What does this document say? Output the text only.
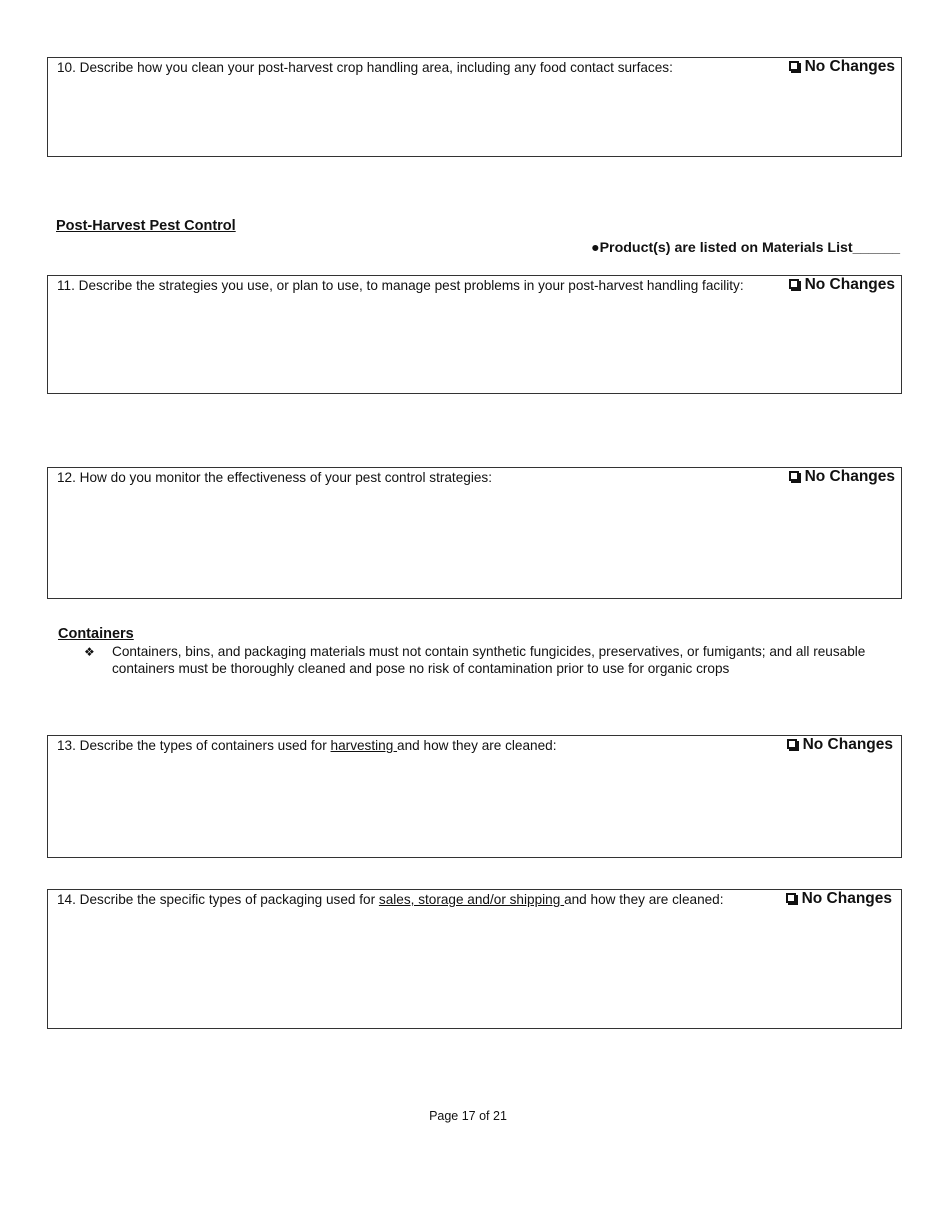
10. Describe how you clean your post-harvest crop handling area, including any food contact surfaces:	No Changes
Post-Harvest Pest Control
●Product(s) are listed on Materials List______
11. Describe the strategies you use, or plan to use, to manage pest problems in your post-harvest handling facility:	No Changes
12. How do you monitor the effectiveness of your pest control strategies:	No Changes
Containers
❖ Containers, bins, and packaging materials must not contain synthetic fungicides, preservatives, or fumigants; and all reusable containers must be thoroughly cleaned and pose no risk of contamination prior to use for organic crops
13. Describe the types of containers used for harvesting and how they are cleaned:	No Changes
14. Describe the specific types of packaging used for sales, storage and/or shipping and how they are cleaned:	No Changes
Page 17 of 21
